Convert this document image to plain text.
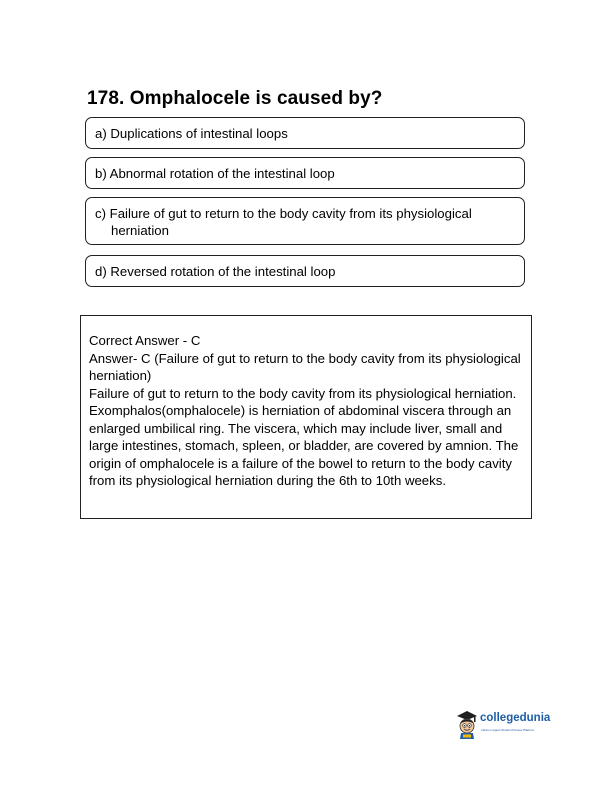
178. Omphalocele is caused by?
a) Duplications of intestinal loops
b) Abnormal rotation of the intestinal loop
c) Failure of gut to return to the body cavity from its physiological
herniation
d) Reversed rotation of the intestinal loop

Correct Answer - C

Answer- C (Failure of gut to return to the body cavity from its physiological herniation)

Failure of gut to return to the body cavity from its physiological herniation. Exomphalos(omphalocele) is herniation of abdominal viscera through an enlarged umbilical ring. The viscera, which may include liver, small and large intestines, stomach, spleen, or bladder, are covered by amnion. The origin of omphalocele is a failure of the bowel to return to the body cavity from its physiological herniation during the 6th to 10th weeks.

collegedunia
India's Largest Student Review Platform
